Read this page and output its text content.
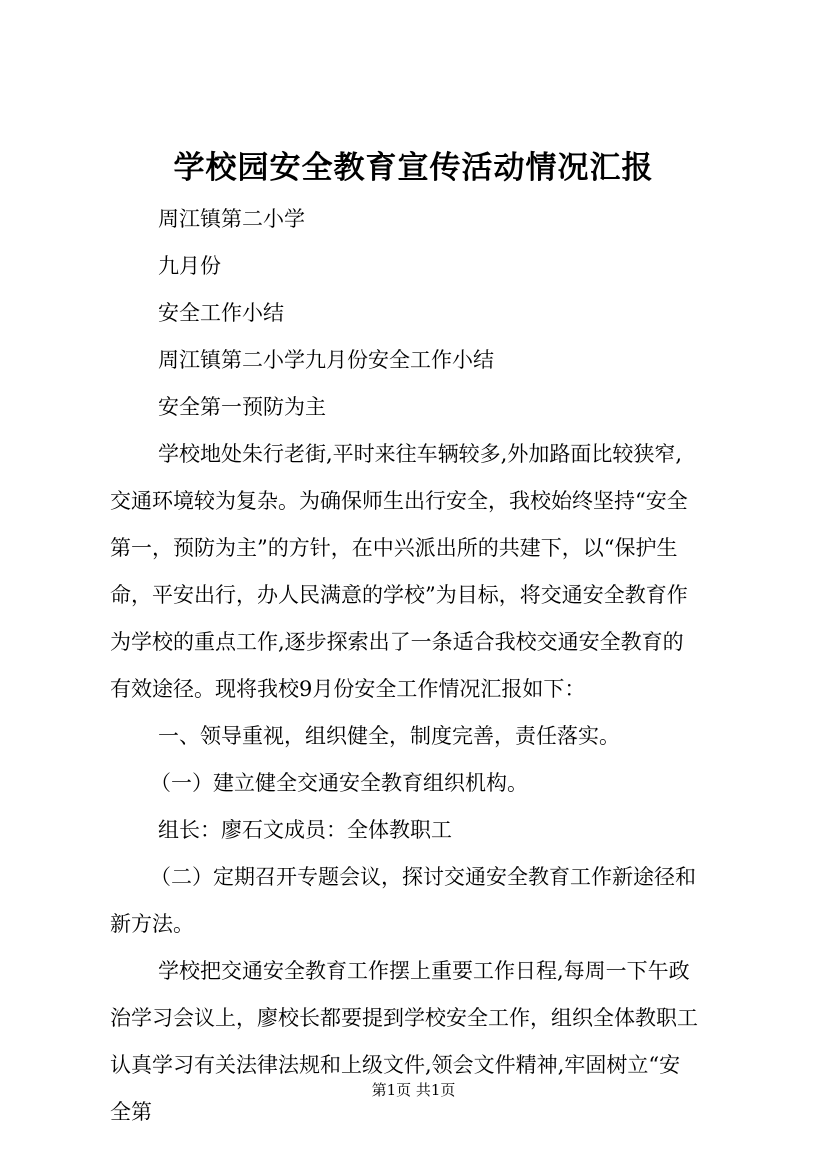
学校园安全教育宣传活动情况汇报
周江镇第二小学
九月份
安全工作小结
周江镇第二小学九月份安全工作小结
安全第一预防为主
学校地处朱行老街,平时来往车辆较多,外加路面比较狭窄,
交通环境较为复杂。为确保师生出行安全，我校始终坚持“安全
第一，预防为主”的方针，在中兴派出所的共建下，以“保护生
命，平安出行，办人民满意的学校”为目标，将交通安全教育作
为学校的重点工作,逐步探索出了一条适合我校交通安全教育的
有效途径。现将我校9月份安全工作情况汇报如下：
一、领导重视，组织健全，制度完善，责任落实。
（一）建立健全交通安全教育组织机构。
组长：廖石文成员：全体教职工
（二）定期召开专题会议，探讨交通安全教育工作新途径和
新方法。
学校把交通安全教育工作摆上重要工作日程,每周一下午政
治学习会议上，廖校长都要提到学校安全工作，组织全体教职工
认真学习有关法律法规和上级文件,领会文件精神,牢固树立“安
全第
第1页 共1页
